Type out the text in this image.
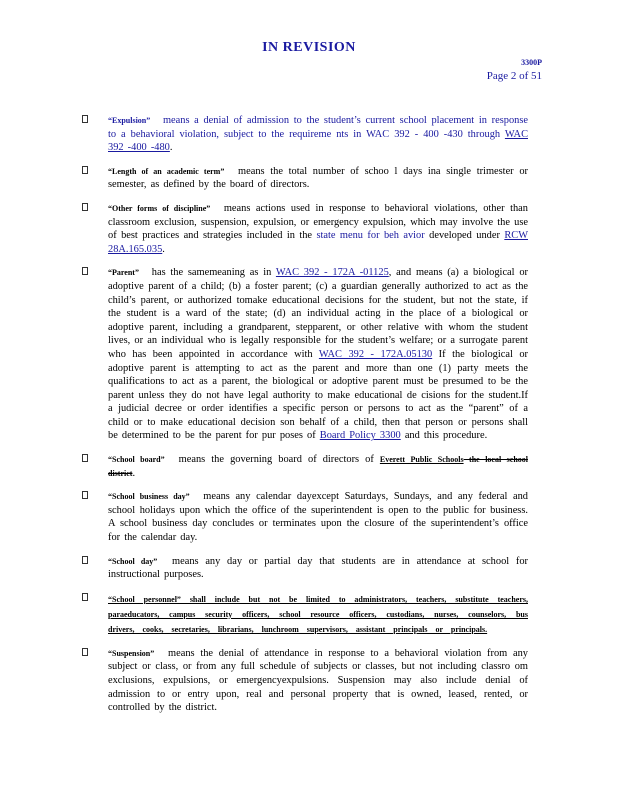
IN REVISION
3300P
Page 2 of 51
“Expulsion” means a denial of admission to the student’s current school placement in response to a behavioral violation, subject to the requireme nts in WAC 392 - 400 -430 through WAC 392 -400 -480.
“Length of an academic term” means the total number of schoo l days ina single trimester or semester, as defined by the board of directors.
“Other forms of discipline” means actions used in response to behavioral violations, other than classroom exclusion, suspension, expulsion, or emergency expulsion, which may involve the use of best practices and strategies included in the state menu for beh avior developed under RCW 28A.165.035.
“Parent” has the samemeaning as in WAC 392 - 172A -01125, and means (a) a biological or adoptive parent of a child; (b) a foster parent; (c) a guardian generally authorized to act as the child’s parent, or authorized tomake educational decisions for the student, but not the state, if the student is a ward of the state; (d) an individual acting in the place of a biological or adoptive parent, including a grandparent, stepparent, or other relative with whom the student lives, or an individual who is legally responsible for the student’s welfare; or a surrogate parent who has been appointed in accordance with WAC 392 - 172A.05130 If the biological or adoptive parent is attempting to act as the parent and more than one (1) party meets the qualifications to act as a parent, the biological or adoptive parent must be presumed to be the parent unless they do not have legal authority to make educational de cisions for the student.If a judicial decree or order identifies a specific person or persons to act as the “parent” of a child or to make educational decision son behalf of a child, then that person or persons shall be determined to be the parent for pur poses of Board Policy 3300 and this procedure.
“School board” means the governing board of directors of Everett Public Schools the local school district.
“School business day” means any calendar dayexcept Saturdays, Sundays, and any federal and school holidays upon which the office of the superintendent is open to the public for business. A school business day concludes or terminates upon the closure of the superintendent’s office for the calendar day.
“School day” means any day or partial day that students are in attendance at school for instructional purposes.
“School personnel” shall include but not be limited to administrators, teachers, substitute teachers, paraeducators, campus security officers, school resource officers, custodians, nurses, counselors, bus drivers, cooks, secretaries, librarians, lunchroom supervisors, assistant principals or principals.
“Suspension” means the denial of attendance in response to a behavioral violation from any subject or class, or from any full schedule of subjects or classes, but not including classro om exclusions, expulsions, or emergencyexpulsions. Suspension may also include denial of admission to or entry upon, real and personal property that is owned, leased, rented, or controlled by the district.
